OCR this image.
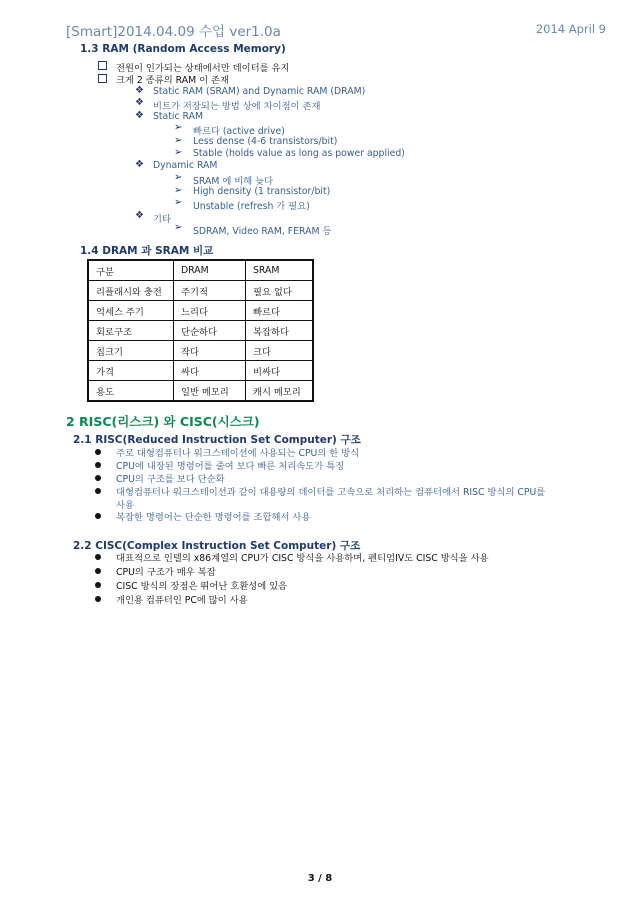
[Smart]2014.04.09 수업 ver1.0a	2014 April 9
1.3 RAM (Random Access Memory)
전원이 인가되는 상태에서만 데이터를 유지
크게 2 종류의 RAM 이 존재
❖ Static RAM (SRAM) and Dynamic RAM (DRAM)
❖ 비트가 저장되는 방법 상에 차이점이 존재
❖ Static RAM
➢ 빠르다 (active drive)
➢ Less dense (4-6 transistors/bit)
➢ Stable (holds value as long as power applied)
❖ Dynamic RAM
➢ SRAM 에 비해 늦다
➢ High density (1 transistor/bit)
➢ Unstable (refresh 가 필요)
❖ 기타
➢ SDRAM, Video RAM, FERAM 등
1.4 DRAM 과 SRAM 비교
구분	DRAM	SRAM
리플래시와 충전	주기적	필요 없다
억세스 주기	느리다	빠르다
회로구조	단순하다	복잡하다
칩크기	작다	크다
가격	싸다	비싸다
용도	일반 메모리	캐시 메모리
2 RISC(리스크) 와 CISC(시스크)
2.1 RISC(Reduced Instruction Set Computer) 구조
주로 대형컴퓨터나 워크스테이션에 사용되는 CPU의 한 방식
CPU에 내장된 명령어를 줄여 보다 빠른 처리속도가 특징
CPU의 구조를 보다 단순화
대형컴퓨터나 워크스테이션과 같이 대용량의 데이터를 고속으로 처리하는 컴퓨터에서 RISC 방식의 CPU를
사용
복잡한 명령어는 단순한 명령어를 조합해서 사용
2.2 CISC(Complex Instruction Set Computer) 구조
대표적으로 인텔의 x86계열의 CPU가 CISC 방식을 사용하며, 펜티엄IV도 CISC 방식을 사용
CPU의 구조가 매우 복잡
CISC 방식의 장점은 뛰어난 호환성에 있음
개인용 컴퓨터인 PC에 많이 사용
3 / 8
